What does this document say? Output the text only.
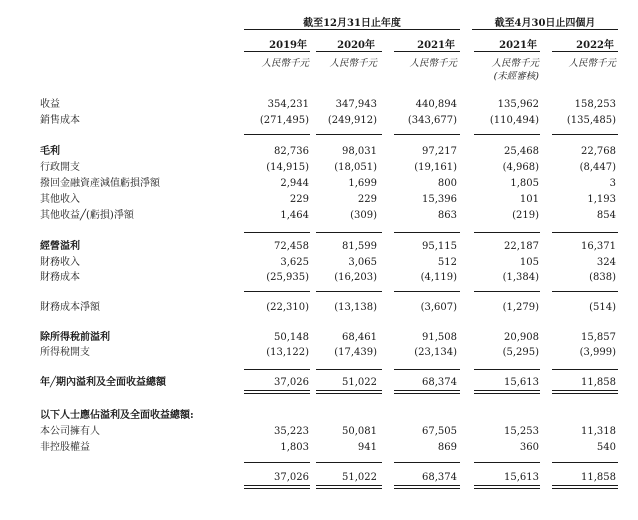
截至12月31日止年度	截至4月30日止四個月
2019年	2020年	2021年	2021年	2022年
人民幣千元	人民幣千元	人民幣千元	人民幣千元	人民幣千元
(未經審核)
收益	354,231	347,943	440,894	135,962	158,253
銷售成本	(271,495)	(249,912)	(343,677)	(110,494)	(135,485)
毛利	82,736	98,031	97,217	25,468	22,768
行政開支	(14,915)	(18,051)	(19,161)	(4,968)	(8,447)
撥回金融資產減值虧損淨額	2,944	1,699	800	1,805	3
其他收入	229	229	15,396	101	1,193
其他收益╱(虧損)淨額	1,464	(309)	863	(219)	854
經營溢利	72,458	81,599	95,115	22,187	16,371
財務收入	3,625	3,065	512	105	324
財務成本	(25,935)	(16,203)	(4,119)	(1,384)	(838)
財務成本淨額	(22,310)	(13,138)	(3,607)	(1,279)	(514)
除所得稅前溢利	50,148	68,461	91,508	20,908	15,857
所得稅開支	(13,122)	(17,439)	(23,134)	(5,295)	(3,999)
年╱期內溢利及全面收益總額	37,026	51,022	68,374	15,613	11,858
以下人士應佔溢利及全面收益總額:
本公司擁有人	35,223	50,081	67,505	15,253	11,318
非控股權益	1,803	941	869	360	540
37,026	51,022	68,374	15,613	11,858
